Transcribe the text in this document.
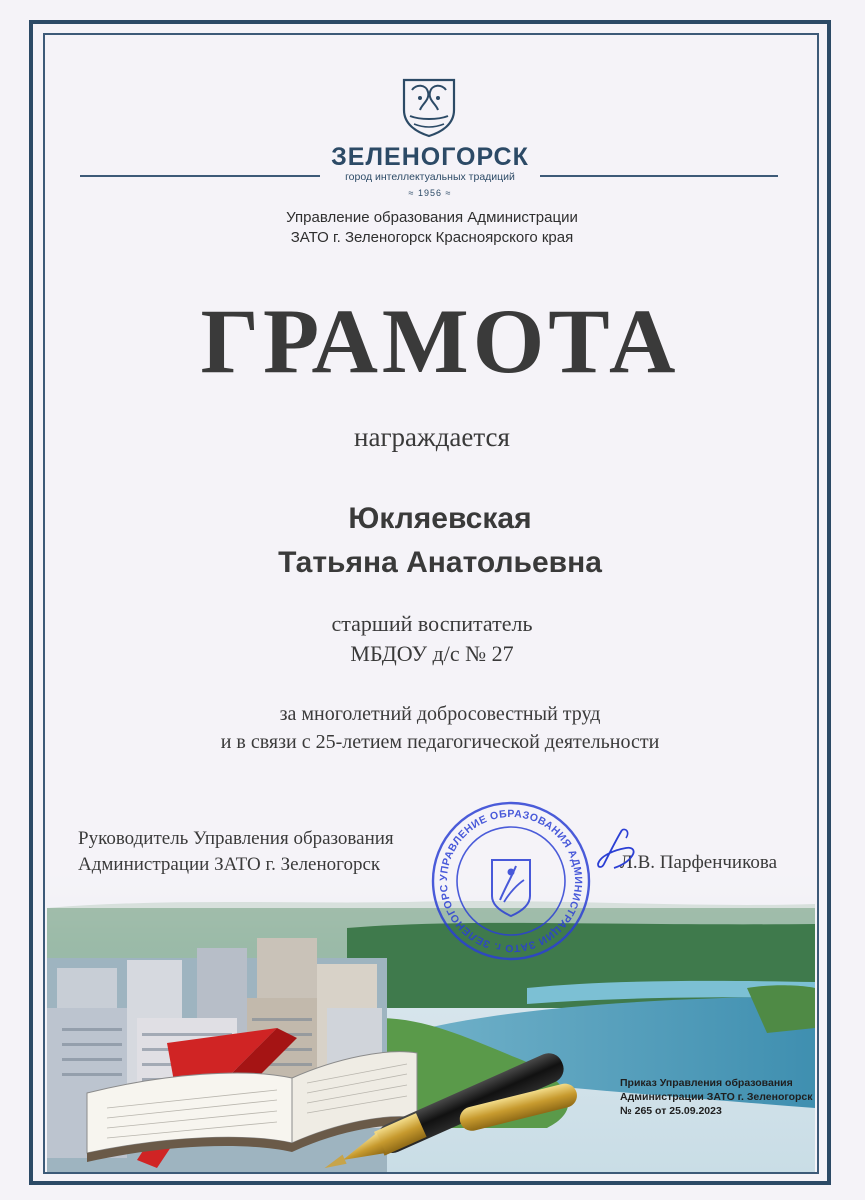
ЗЕЛЕНОГОРСК
город интеллектуальных традиций
≈ 1956 ≈
Управление образования Администрации
ЗАТО г. Зеленогорск Красноярского края
ГРАМОТА
награждается
Юкляевская
Татьяна Анатольевна
старший воспитатель
МБДОУ д/с № 27
за многолетний добросовестный труд
и в связи с 25-летием педагогической деятельности
Руководитель Управления образования
Администрации ЗАТО г. Зеленогорск	Л.В. Парфенчикова
УПРАВЛЕНИЕ ОБРАЗОВАНИЯ АДМИНИСТРАЦИИ ЗАТО г. ЗЕЛЕНОГОРС
Приказ Управления образования
Администрации ЗАТО г. Зеленогорск
№ 265 от 25.09.2023
